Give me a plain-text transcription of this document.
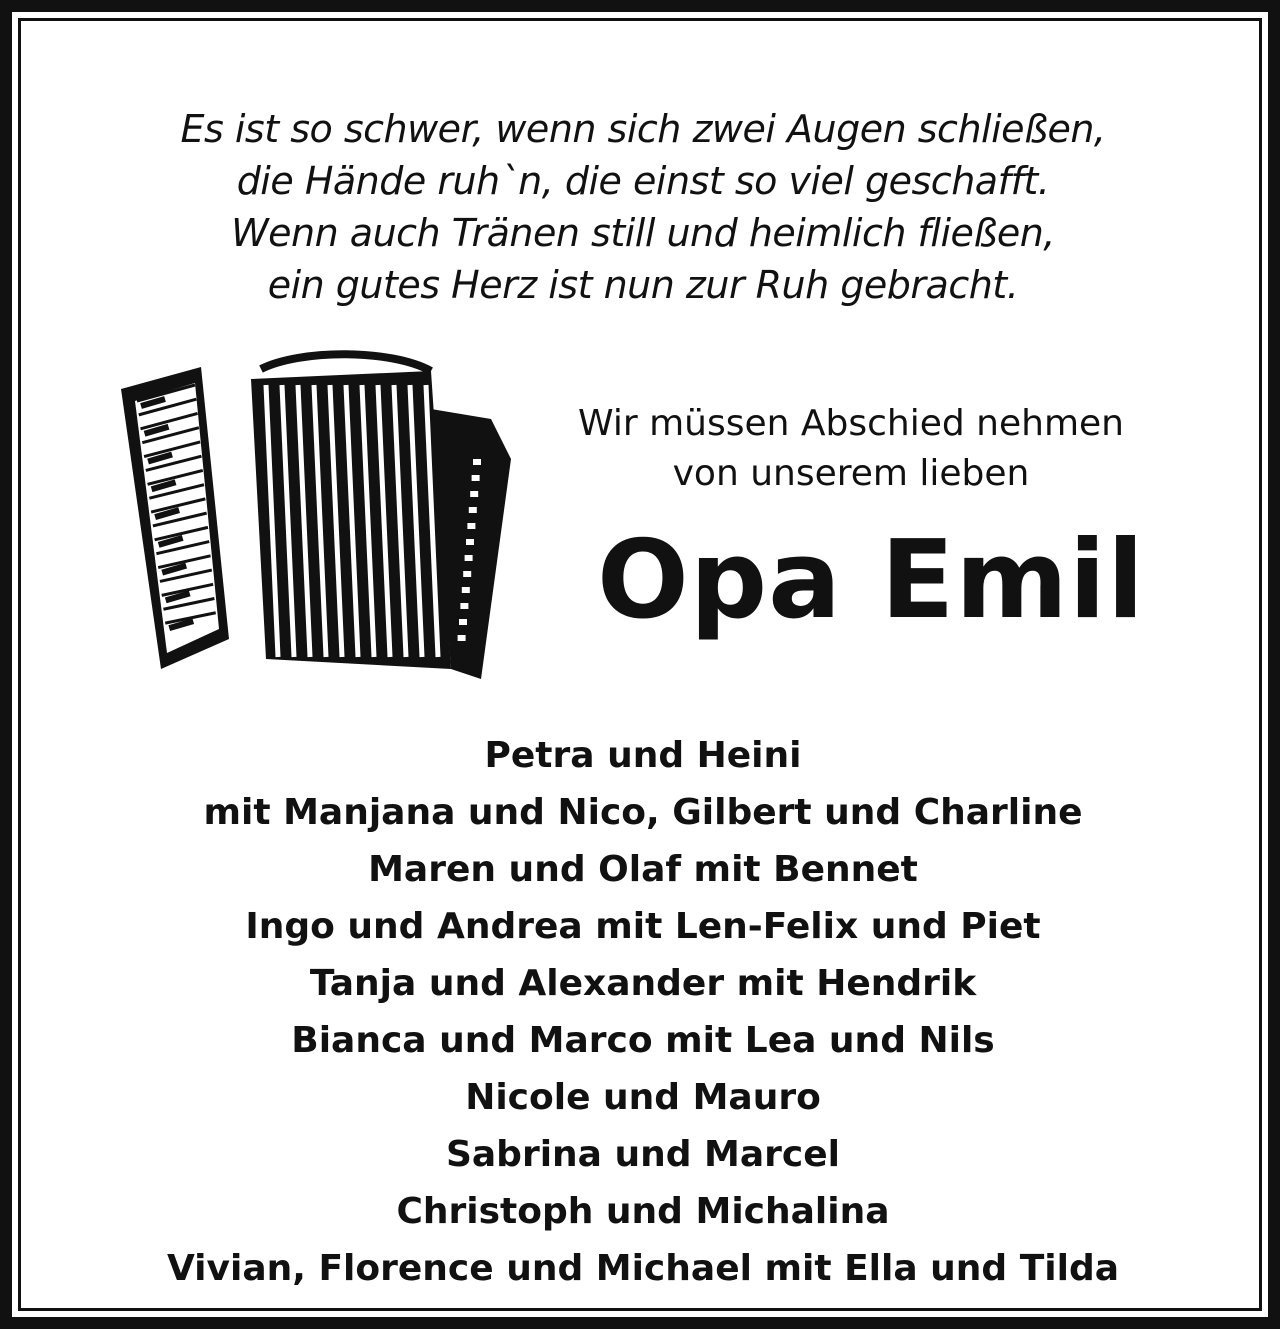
Es ist so schwer, wenn sich zwei Augen schließen,
die Hände ruh`n, die einst so viel geschafft.
Wenn auch Tränen still und heimlich fließen,
ein gutes Herz ist nun zur Ruh gebracht.
Wir müssen Abschied nehmen
von unserem lieben
Opa Emil
Petra und Heini
mit Manjana und Nico, Gilbert und Charline
Maren und Olaf mit Bennet
Ingo und Andrea mit Len-Felix und Piet
Tanja und Alexander mit Hendrik
Bianca und Marco mit Lea und Nils
Nicole und Mauro
Sabrina und Marcel
Christoph und Michalina
Vivian, Florence und Michael mit Ella und Tilda
